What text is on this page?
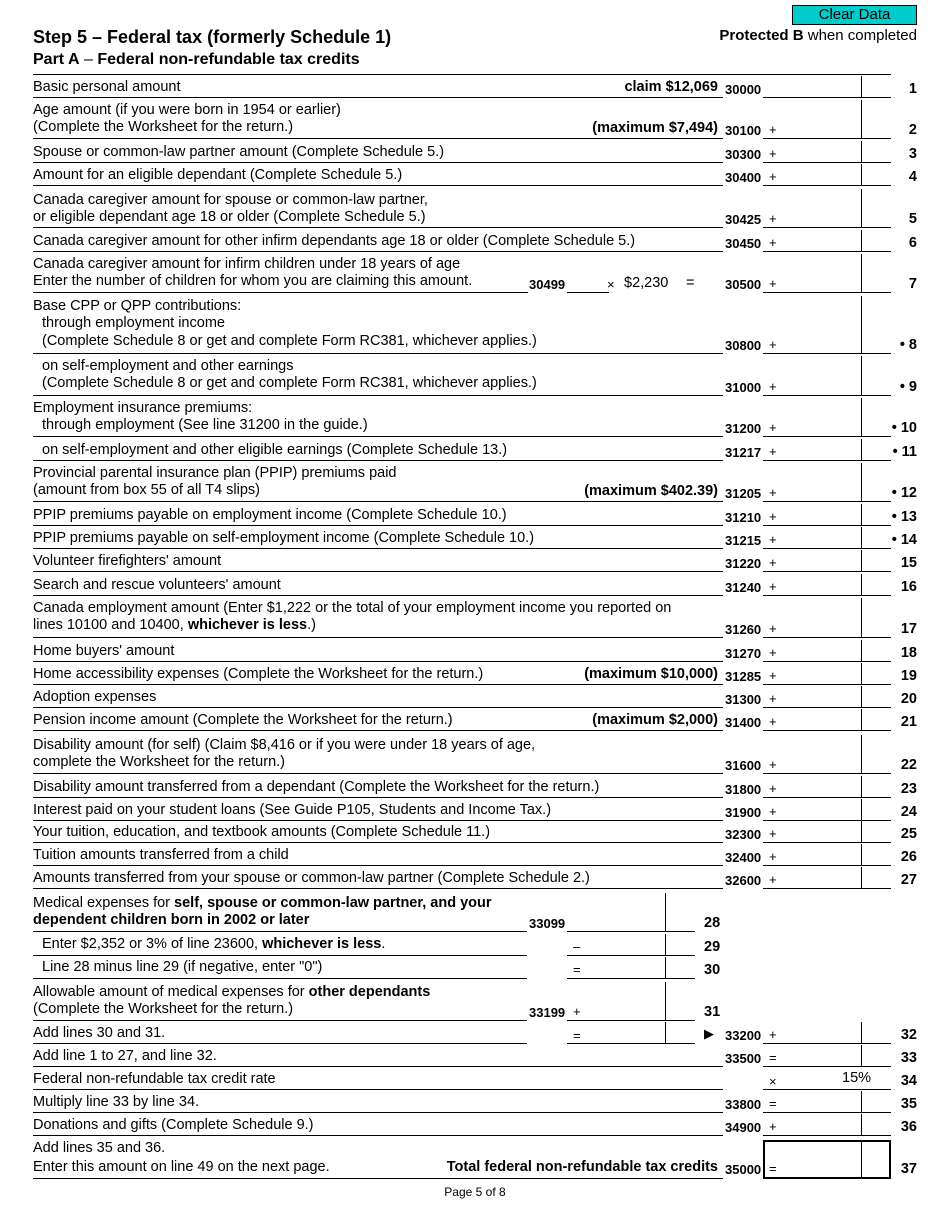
Clear Data
Step 5 – Federal tax (formerly Schedule 1)	Protected B when completed
Part A – Federal non-refundable tax credits
Basic personal amount	claim $12,069 30000	1
Age amount (if you were born in 1954 or earlier)
(Complete the Worksheet for the return.)	(maximum $7,494) 30100 +	2
Spouse or common-law partner amount (Complete Schedule 5.)	30300 +	3
Amount for an eligible dependant (Complete Schedule 5.)	30400 +	4
Canada caregiver amount for spouse or common-law partner,
or eligible dependant age 18 or older (Complete Schedule 5.)	30425 +	5
Canada caregiver amount for other infirm dependants age 18 or older (Complete Schedule 5.)	30450 +	6
Canada caregiver amount for infirm children under 18 years of age
Enter the number of children for whom you are claiming this amount.	30499	× $2,230 = 30500 +	7
Base CPP or QPP contributions:
through employment income
(Complete Schedule 8 or get and complete Form RC381, whichever applies.)	30800 +	• 8
on self-employment and other earnings
(Complete Schedule 8 or get and complete Form RC381, whichever applies.)	31000 +	• 9
Employment insurance premiums:
through employment (See line 31200 in the guide.)	31200 +	• 10
on self-employment and other eligible earnings (Complete Schedule 13.)	31217 +	• 11
Provincial parental insurance plan (PPIP) premiums paid
(amount from box 55 of all T4 slips)	(maximum $402.39) 31205 +	• 12
PPIP premiums payable on employment income (Complete Schedule 10.)	31210 +	• 13
PPIP premiums payable on self-employment income (Complete Schedule 10.)	31215 +	• 14
Volunteer firefighters' amount	31220 +	15
Search and rescue volunteers' amount	31240 +	16
Canada employment amount (Enter $1,222 or the total of your employment income you reported on
lines 10100 and 10400, whichever is less.)	31260 +	17
Home buyers' amount	31270 +	18
Home accessibility expenses (Complete the Worksheet for the return.)	(maximum $10,000) 31285 +	19
Adoption expenses	31300 +	20
Pension income amount (Complete the Worksheet for the return.)	(maximum $2,000) 31400 +	21
Disability amount (for self) (Claim $8,416 or if you were under 18 years of age,
complete the Worksheet for the return.)	31600 +	22
Disability amount transferred from a dependant (Complete the Worksheet for the return.)	31800 +	23
Interest paid on your student loans (See Guide P105, Students and Income Tax.)	31900 +	24
Your tuition, education, and textbook amounts (Complete Schedule 11.)	32300 +	25
Tuition amounts transferred from a child	32400 +	26
Amounts transferred from your spouse or common-law partner (Complete Schedule 2.)	32600 +	27
Medical expenses for self, spouse or common-law partner, and your
dependent children born in 2002 or later	33099	28
Enter $2,352 or 3% of line 23600, whichever is less.	–	29
Line 28 minus line 29 (if negative, enter "0")	=	30
Allowable amount of medical expenses for other dependants
(Complete the Worksheet for the return.)	33199 +	31
Add lines 30 and 31.	=	▶ 33200 +	32
Add line 1 to 27, and line 32.	33500 =	33
Federal non-refundable tax credit rate	×	15% 34
Multiply line 33 by line 34.	33800 =	35
Donations and gifts (Complete Schedule 9.)	34900 +	36
Add lines 35 and 36.
Enter this amount on line 49 on the next page.	Total federal non-refundable tax credits 35000 =	37
Page 5 of 8
